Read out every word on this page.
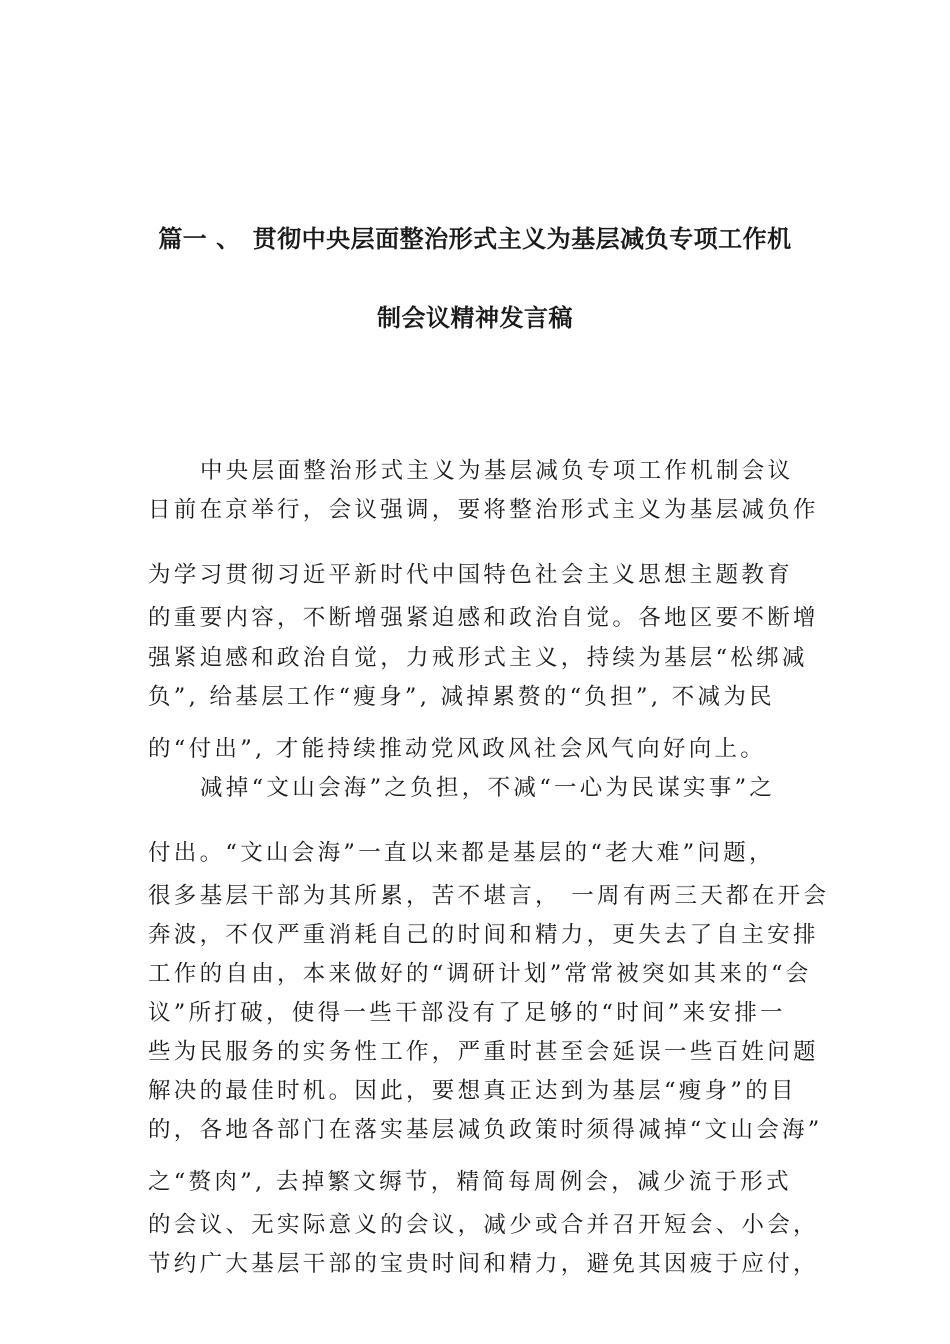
篇一 、 贯彻中央层面整治形式主义为基层减负专项工作机
制会议精神发言稿
中央层面整治形式主义为基层减负专项工作机制会议
日前在京举行，会议强调，要将整治形式主义为基层减负作
为学习贯彻习近平新时代中国特色社会主义思想主题教育
的重要内容，不断增强紧迫感和政治自觉。各地区要不断增
强紧迫感和政治自觉，力戒形式主义，持续为基层“松绑减
负”, 给基层工作“瘦身”, 减掉累赘的“负担”, 不减为民
的“付出”, 才能持续推动党风政风社会风气向好向上。
减掉“文山会海”之负担，不减“一心为民谋实事”之
付出。“文山会海”一直以来都是基层的“老大难”问题，
很多基层干部为其所累，苦不堪言， 一周有两三天都在开会
奔波，不仅严重消耗自己的时间和精力，更失去了自主安排
工作的自由，本来做好的“调研计划”常常被突如其来的“会
议”所打破，使得一些干部没有了足够的“时间”来安排一
些为民服务的实务性工作，严重时甚至会延误一些百姓问题
解决的最佳时机。因此，要想真正达到为基层“瘦身”的目
的，各地各部门在落实基层减负政策时须得减掉“文山会海”
之“赘肉”, 去掉繁文缛节，精简每周例会，减少流于形式
的会议、无实际意义的会议，减少或合并召开短会、小会，
节约广大基层干部的宝贵时间和精力，避免其因疲于应付，
